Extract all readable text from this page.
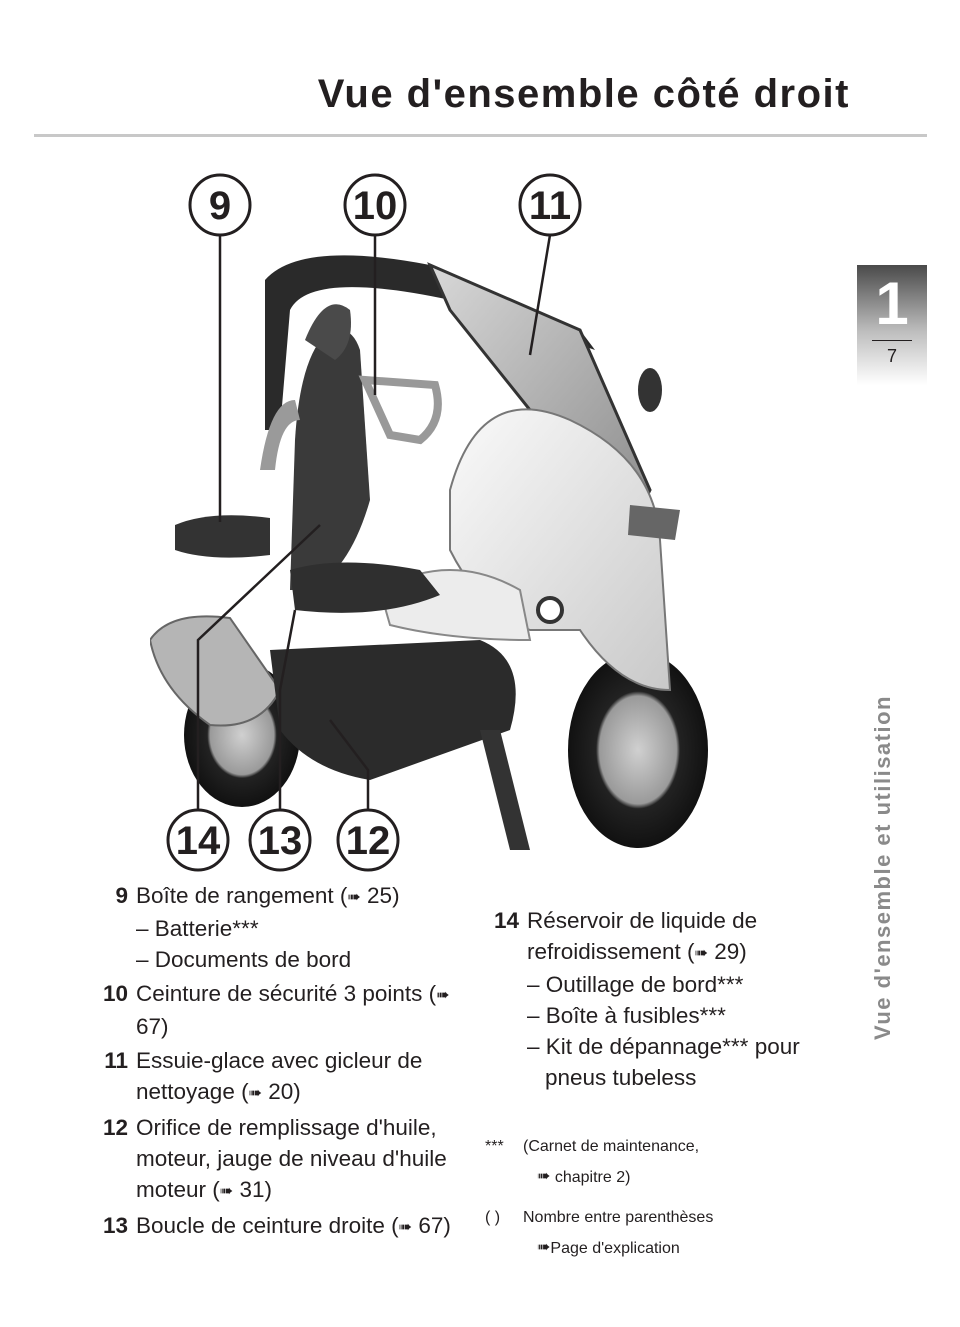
Vue d'ensemble côté droit
1
7
Vue d'ensemble et utilisation
9	10	11
14 13 12
9 Boîte de rangement (➠ 25)
– Batterie***
– Documents de bord
10 Ceinture de sécurité 3 points (➠ 67)
11 Essuie-glace avec gicleur de nettoyage (➠ 20)
12 Orifice de remplissage d'huile, moteur, jauge de niveau d'huile moteur (➠ 31)
13 Boucle de ceinture droite (➠ 67)
14 Réservoir de liquide de refroidissement (➠ 29)
– Outillage de bord***
– Boîte à fusibles***
– Kit de dépannage*** pour pneus tubeless
*** (Carnet de maintenance,
➠ chapitre 2)
( ) Nombre entre parenthèses
➠Page d'explication
